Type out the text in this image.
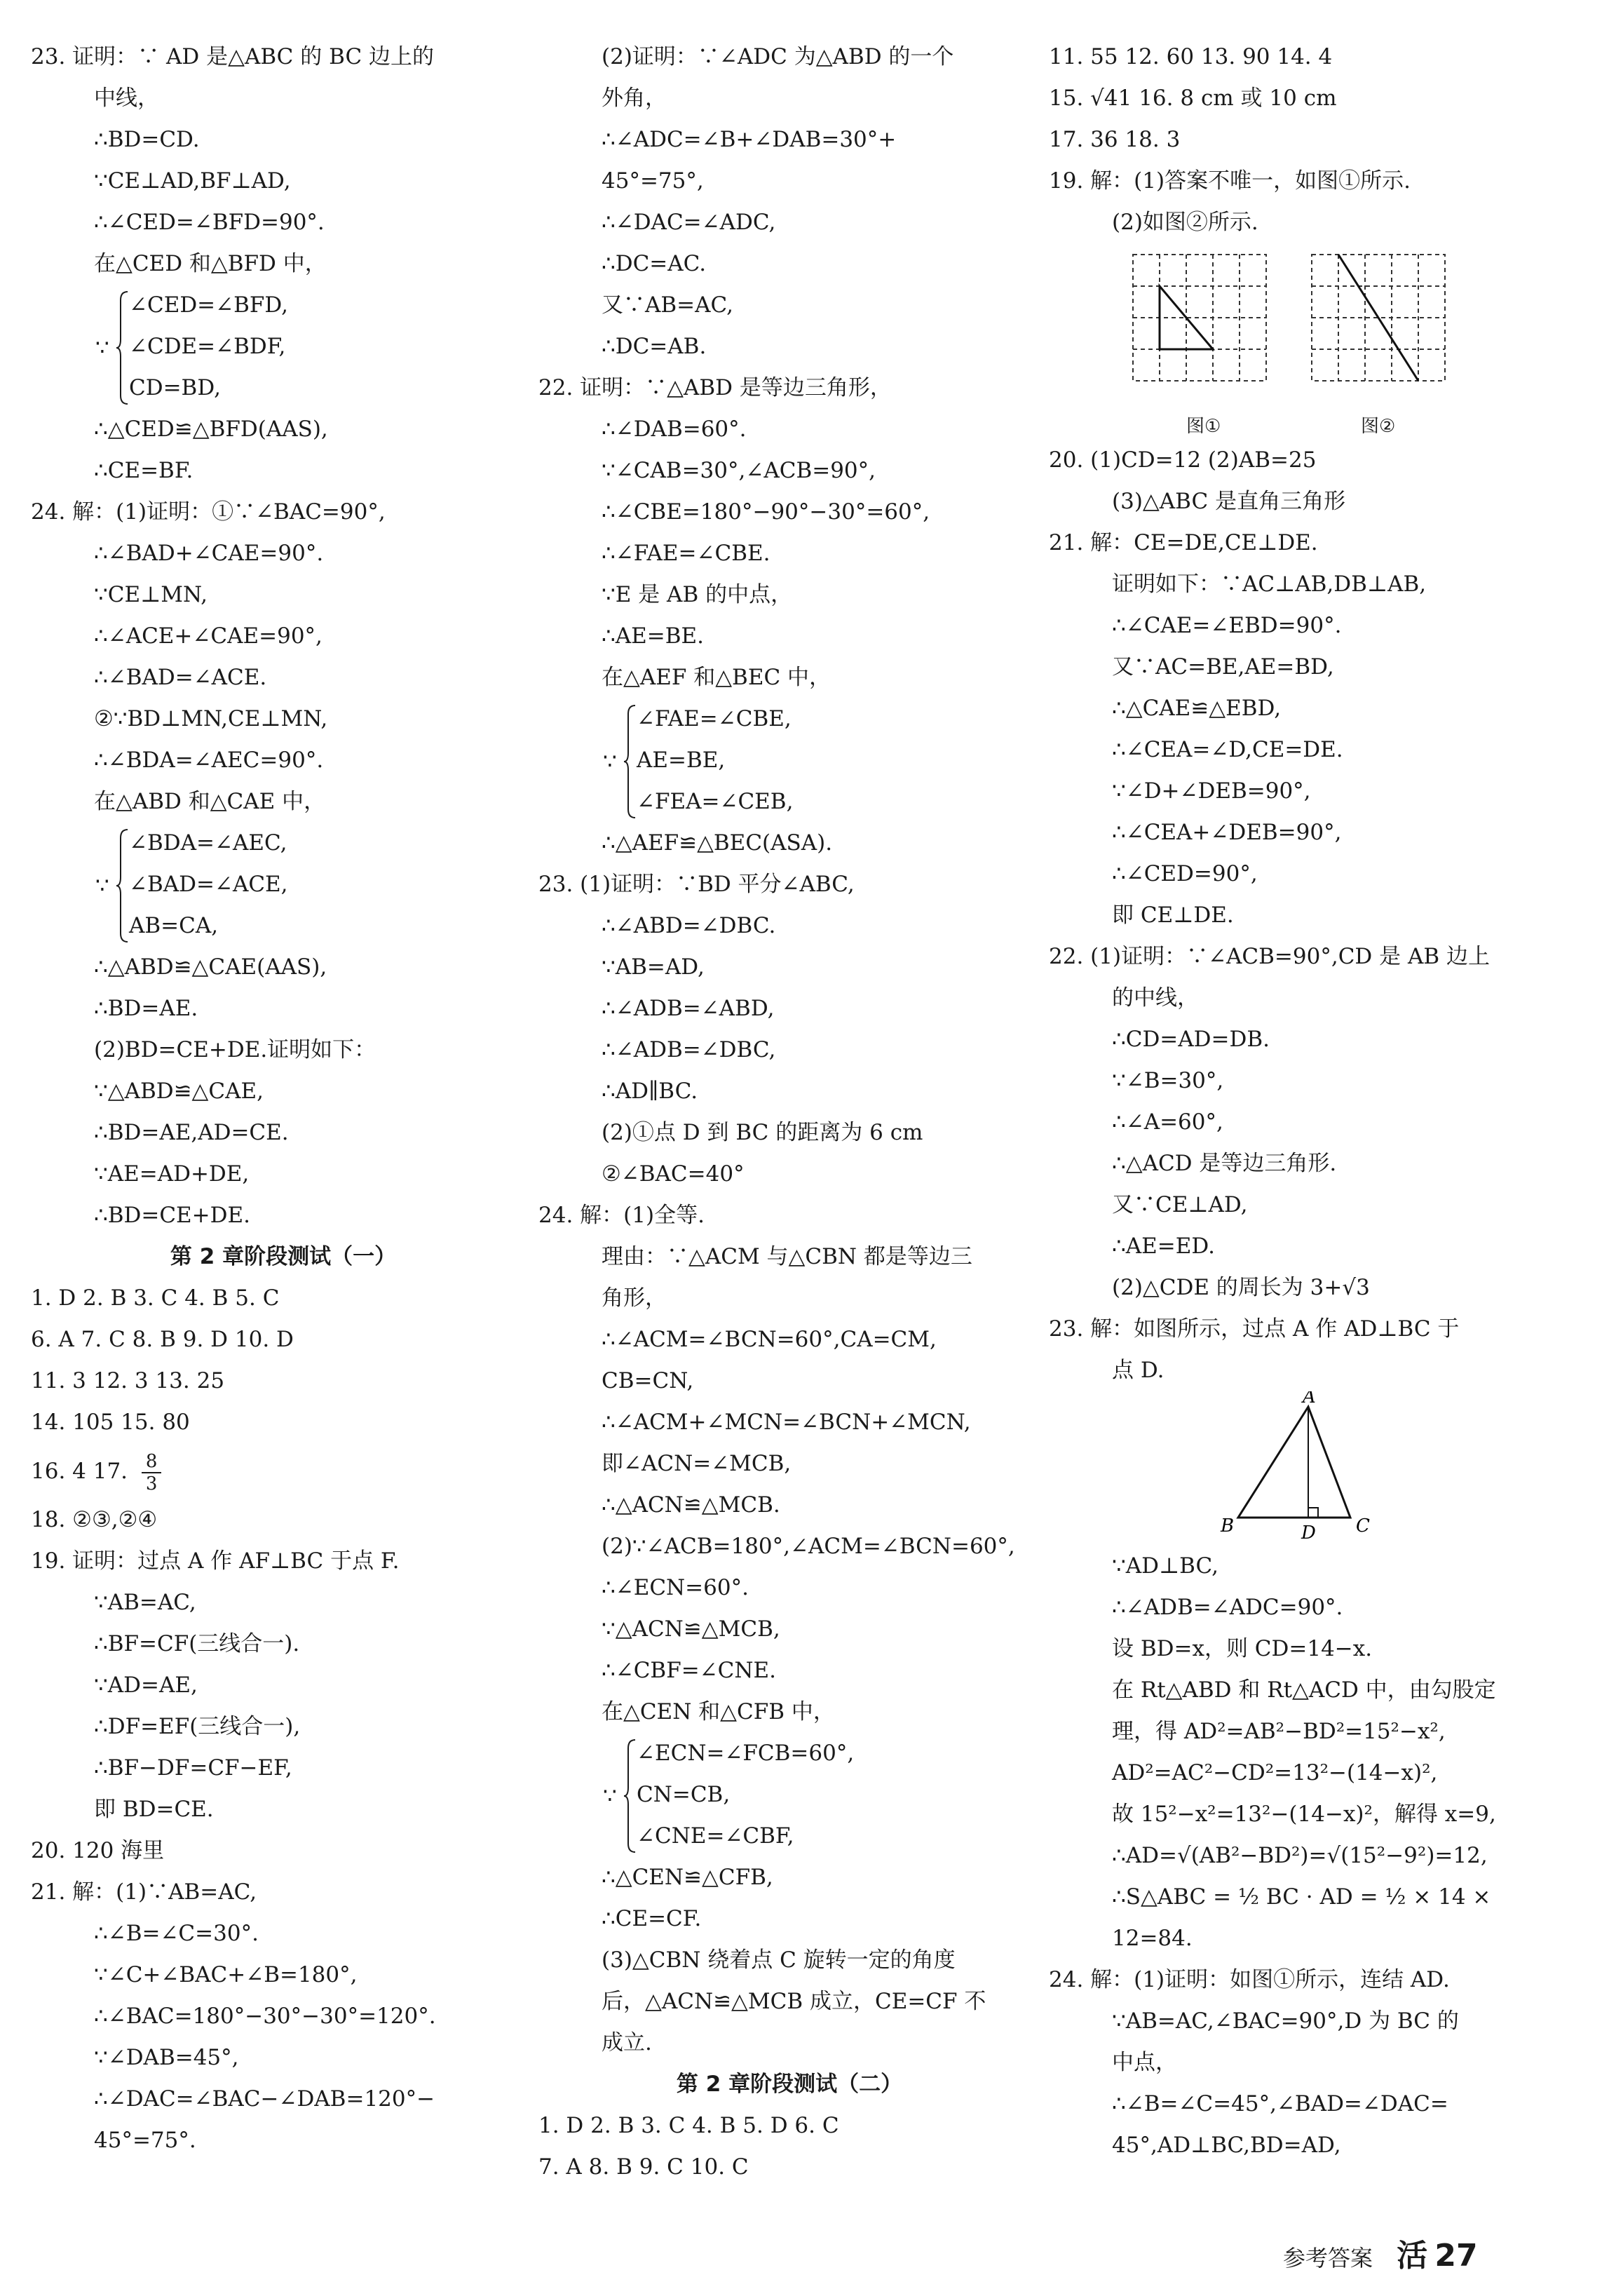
23. 证明：∵ AD 是△ABC 的 BC 边上的
中线，
∴BD=CD.
∵CE⊥AD,BF⊥AD,
∴∠CED=∠BFD=90°.
在△CED 和△BFD 中，
∵
∠CED=∠BFD,
∠CDE=∠BDF,
CD=BD,
∴△CED≌△BFD(AAS),
∴CE=BF.
24. 解：(1)证明：①∵∠BAC=90°,
∴∠BAD+∠CAE=90°.
∵CE⊥MN,
∴∠ACE+∠CAE=90°,
∴∠BAD=∠ACE.
②∵BD⊥MN,CE⊥MN,
∴∠BDA=∠AEC=90°.
在△ABD 和△CAE 中，
∵
∠BDA=∠AEC,
∠BAD=∠ACE,
AB=CA,
∴△ABD≌△CAE(AAS),
∴BD=AE.
(2)BD=CE+DE.证明如下：
∵△ABD≌△CAE,
∴BD=AE,AD=CE.
∵AE=AD+DE,
∴BD=CE+DE.
第 2 章阶段测试（一）
1. D 2. B 3. C 4. B 5. C
6. A 7. C 8. B 9. D 10. D
11. 3 12. 3 13. 25
14. 105 15. 80
16. 4 17. $\frac{8}{3}$
18. ②③,②④
19. 证明：过点 A 作 AF⊥BC 于点 F.
∵AB=AC,
∴BF=CF(三线合一).
∵AD=AE,
∴DF=EF(三线合一),
∴BF−DF=CF−EF,
即 BD=CE.
20. 120 海里
21. 解：(1)∵AB=AC,
∴∠B=∠C=30°.
∵∠C+∠BAC+∠B=180°,
∴∠BAC=180°−30°−30°=120°.
∵∠DAB=45°,
∴∠DAC=∠BAC−∠DAB=120°−
45°=75°.
(2)证明：∵∠ADC 为△ABD 的一个
外角，
∴∠ADC=∠B+∠DAB=30°+
45°=75°,
∴∠DAC=∠ADC,
∴DC=AC.
又∵AB=AC,
∴DC=AB.
22. 证明：∵△ABD 是等边三角形，
∴∠DAB=60°.
∵∠CAB=30°,∠ACB=90°,
∴∠CBE=180°−90°−30°=60°,
∴∠FAE=∠CBE.
∵E 是 AB 的中点，
∴AE=BE.
在△AEF 和△BEC 中，
∵
∠FAE=∠CBE,
AE=BE,
∠FEA=∠CEB,
∴△AEF≌△BEC(ASA).
23. (1)证明：∵BD 平分∠ABC,
∴∠ABD=∠DBC.
∵AB=AD,
∴∠ADB=∠ABD,
∴∠ADB=∠DBC,
∴AD∥BC.
(2)①点 D 到 BC 的距离为 6 cm
②∠BAC=40°
24. 解：(1)全等.
理由：∵△ACM 与△CBN 都是等边三
角形，
∴∠ACM=∠BCN=60°,CA=CM,
CB=CN,
∴∠ACM+∠MCN=∠BCN+∠MCN,
即∠ACN=∠MCB,
∴△ACN≌△MCB.
(2)∵∠ACB=180°,∠ACM=∠BCN=60°,
∴∠ECN=60°.
∵△ACN≌△MCB,
∴∠CBF=∠CNE.
在△CEN 和△CFB 中，
∵
∠ECN=∠FCB=60°,
CN=CB,
∠CNE=∠CBF,
∴△CEN≌△CFB,
∴CE=CF.
(3)△CBN 绕着点 C 旋转一定的角度
后，△ACN≌△MCB 成立，CE=CF 不
成立.
第 2 章阶段测试（二）
1. D 2. B 3. C 4. B 5. D 6. C
7. A 8. B 9. C 10. C
11. 55 12. 60 13. 90 14. 4
15. √41 16. 8 cm 或 10 cm
17. 36 18. 3
19. 解：(1)答案不唯一，如图①所示.
(2)如图②所示.
图①	图②
20. (1)CD=12 (2)AB=25
(3)△ABC 是直角三角形
21. 解：CE=DE,CE⊥DE.
证明如下：∵AC⊥AB,DB⊥AB,
∴∠CAE=∠EBD=90°.
又∵AC=BE,AE=BD,
∴△CAE≌△EBD,
∴∠CEA=∠D,CE=DE.
∵∠D+∠DEB=90°,
∴∠CEA+∠DEB=90°,
∴∠CED=90°,
即 CE⊥DE.
22. (1)证明：∵∠ACB=90°,CD 是 AB 边上
的中线，
∴CD=AD=DB.
∵∠B=30°,
∴∠A=60°,
∴△ACD 是等边三角形.
又∵CE⊥AD,
∴AE=ED.
(2)△CDE 的周长为 3+√3
23. 解：如图所示，过点 A 作 AD⊥BC 于
点 D.
A
B	D C
∵AD⊥BC,
∴∠ADB=∠ADC=90°.
设 BD=x，则 CD=14−x.
在 Rt△ABD 和 Rt△ACD 中，由勾股定
理，得 AD²=AB²−BD²=15²−x²,
AD²=AC²−CD²=13²−(14−x)²,
故 15²−x²=13²−(14−x)²，解得 x=9,
∴AD=√(AB²−BD²)=√(15²−9²)=12,
∴S△ABC = ½ BC · AD = ½ × 14 ×
12=84.
24. 解：(1)证明：如图①所示，连结 AD.
∵AB=AC,∠BAC=90°,D 为 BC 的
中点，
∴∠B=∠C=45°,∠BAD=∠DAC=
45°,AD⊥BC,BD=AD,
参考答案 活 27
